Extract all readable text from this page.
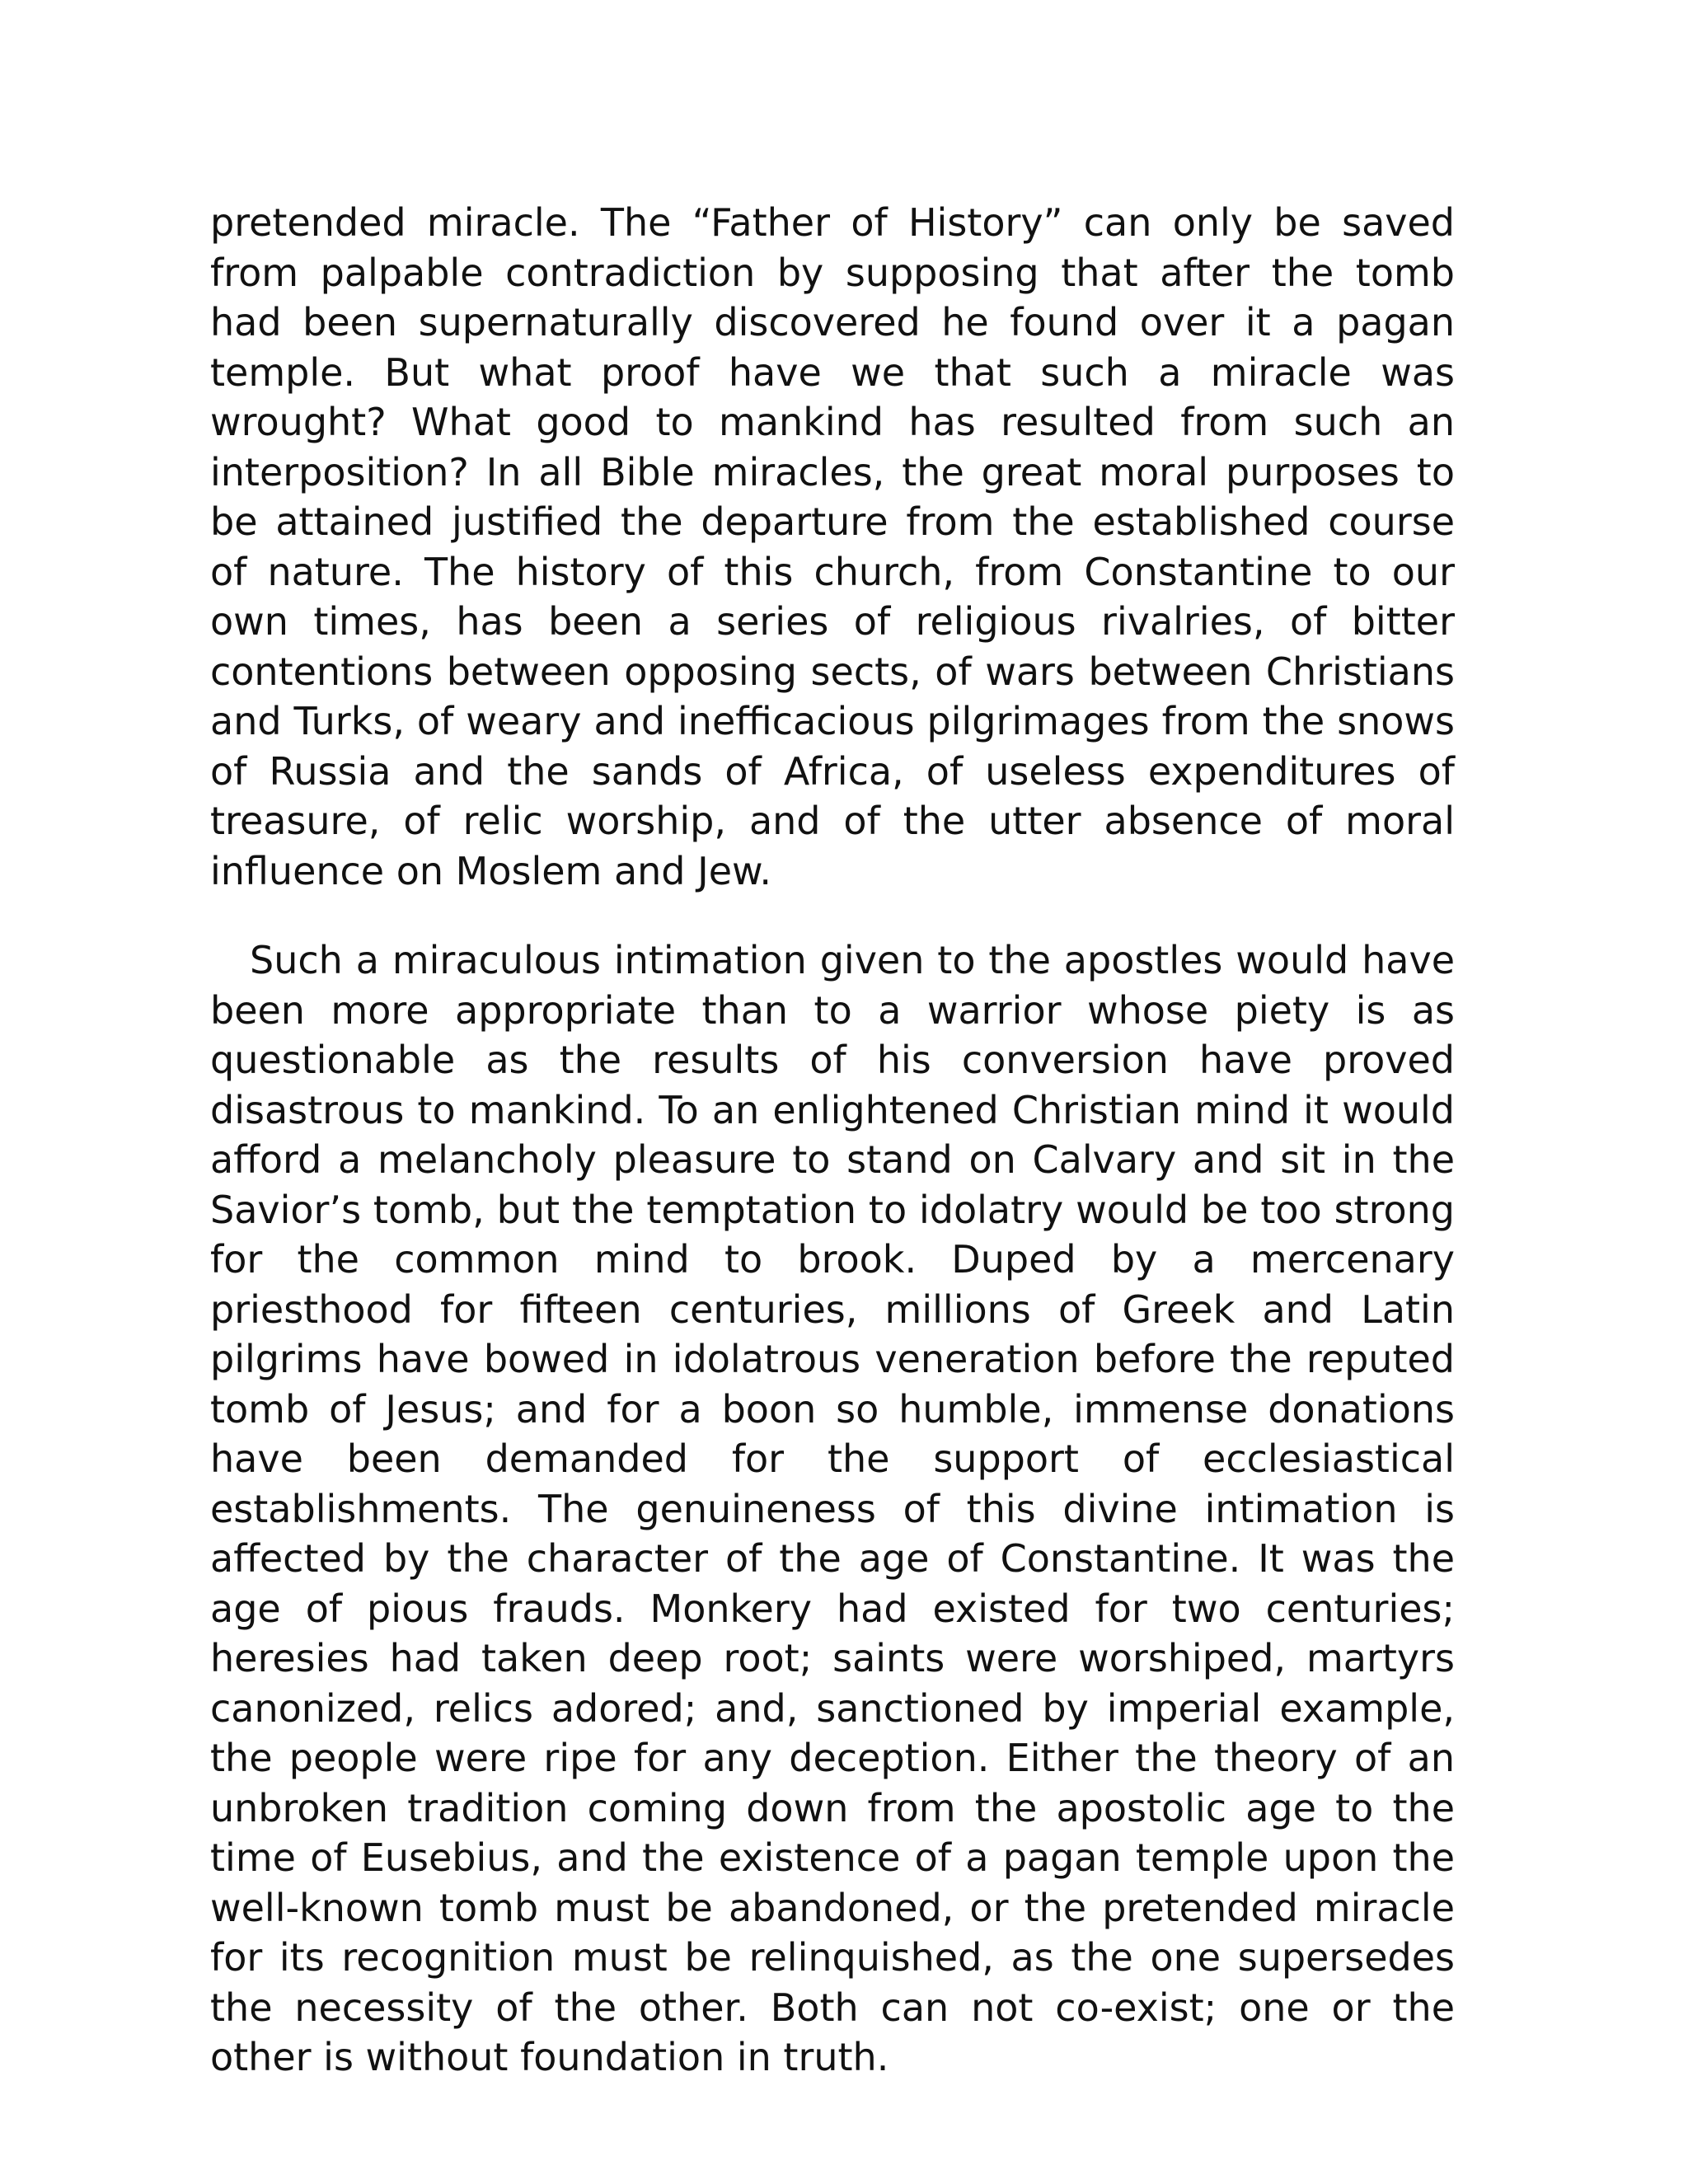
pretended miracle. The “Father of History” can only be saved from palpable contradiction by supposing that after the tomb had been supernaturally discovered he found over it a pagan temple. But what proof have we that such a miracle was wrought? What good to mankind has resulted from such an interposition? In all Bible miracles, the great moral purposes to be attained justified the departure from the established course of nature. The history of this church, from Constantine to our own times, has been a series of religious rivalries, of bitter contentions between opposing sects, of wars between Christians and Turks, of weary and inefficacious pilgrimages from the snows of Russia and the sands of Africa, of useless expenditures of treasure, of relic worship, and of the utter absence of moral influence on Moslem and Jew.

Such a miraculous intimation given to the apostles would have been more appropriate than to a warrior whose piety is as questionable as the results of his conversion have proved disastrous to mankind. To an enlightened Christian mind it would afford a melancholy pleasure to stand on Calvary and sit in the Savior’s tomb, but the temptation to idolatry would be too strong for the common mind to brook. Duped by a mercenary priesthood for fifteen centuries, millions of Greek and Latin pilgrims have bowed in idolatrous veneration before the reputed tomb of Jesus; and for a boon so humble, immense donations have been demanded for the support of ecclesiastical establishments. The genuineness of this divine intimation is affected by the character of the age of Constantine. It was the age of pious frauds. Monkery had existed for two centuries; heresies had taken deep root; saints were worshiped, martyrs canonized, relics adored; and, sanctioned by imperial example, the people were ripe for any deception. Either the theory of an unbroken tradition coming down from the apostolic age to the time of Eusebius, and the existence of a pagan temple upon the well-known tomb must be abandoned, or the pretended miracle for its recognition must be relinquished, as the one supersedes the necessity of the other. Both can not co-exist; one or the other is without foundation in truth.
